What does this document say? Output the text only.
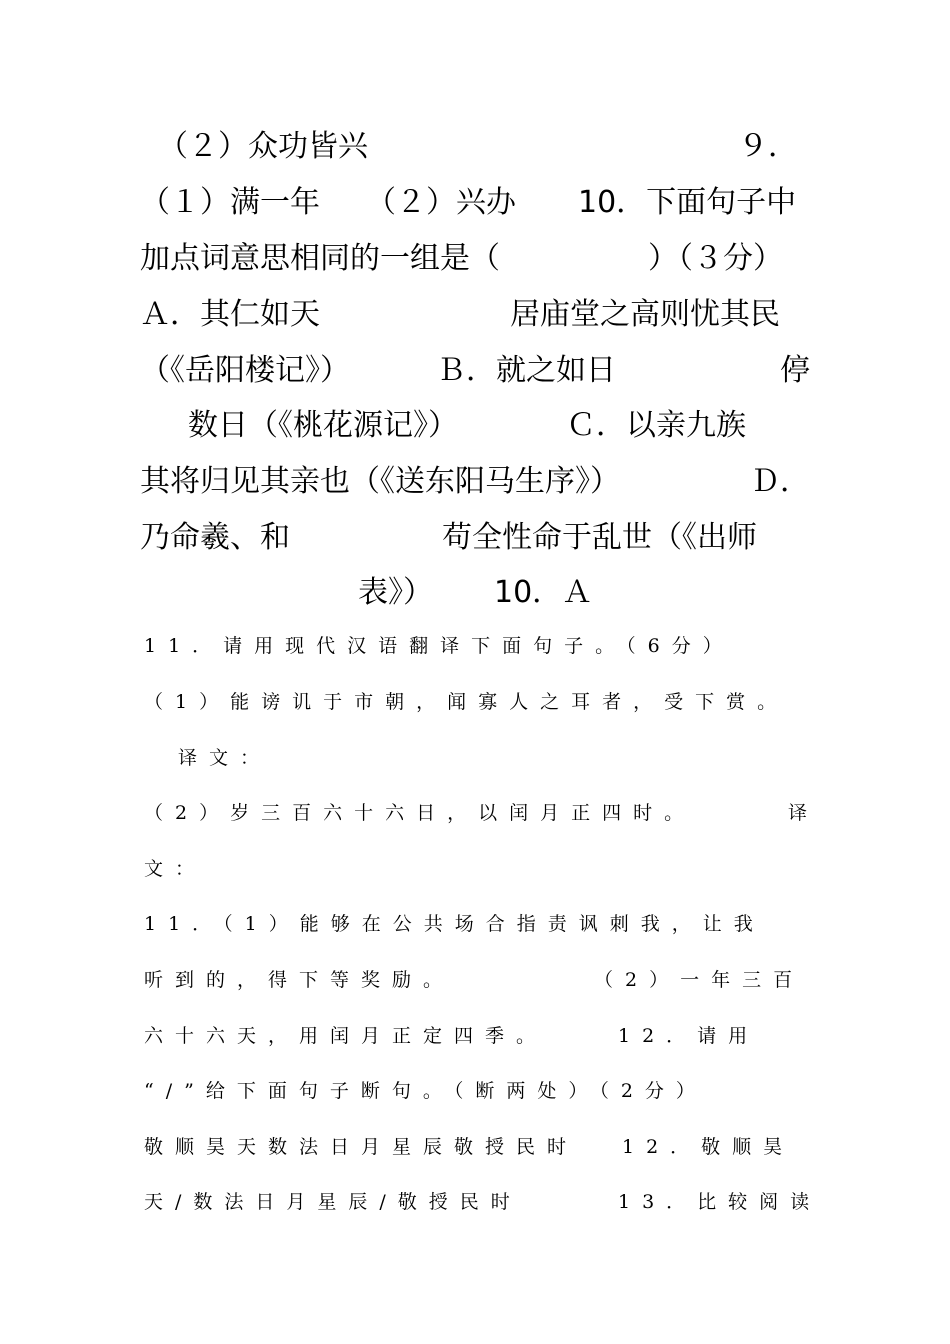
（２）众功皆兴	９．
（１）满一年 （２）兴办 10．下面句子中
加点词意思相同的一组是（	）（３分）
Ａ．其仁如天	居庙堂之高则忧其民
（《岳阳楼记》）	Ｂ．就之如日	停
数日（《桃花源记》）	Ｃ．以亲九族
其将归见其亲也（《送东阳马生序》）	Ｄ．
乃命羲、和	苟全性命于乱世（《出师
表》） 10．Ａ
11．请用现代汉语翻译下面句子。（6分）
（1）能谤讥于市朝，闻寡人之耳者，受下赏。
译文：
（2）岁三百六十六日，以闰月正四时。	译
文：
11．（1）能够在公共场合指责讽刺我，让我
听到的，得下等奖励。	（2）一年三百
六十六天，用闰月正定四季。	12．请用
“/”给下面句子断句。（断两处）（2分）
敬顺昊天数法日月星辰敬授民时 12．敬顺昊
天/数法日月星辰/敬授民时	13．比较阅读
